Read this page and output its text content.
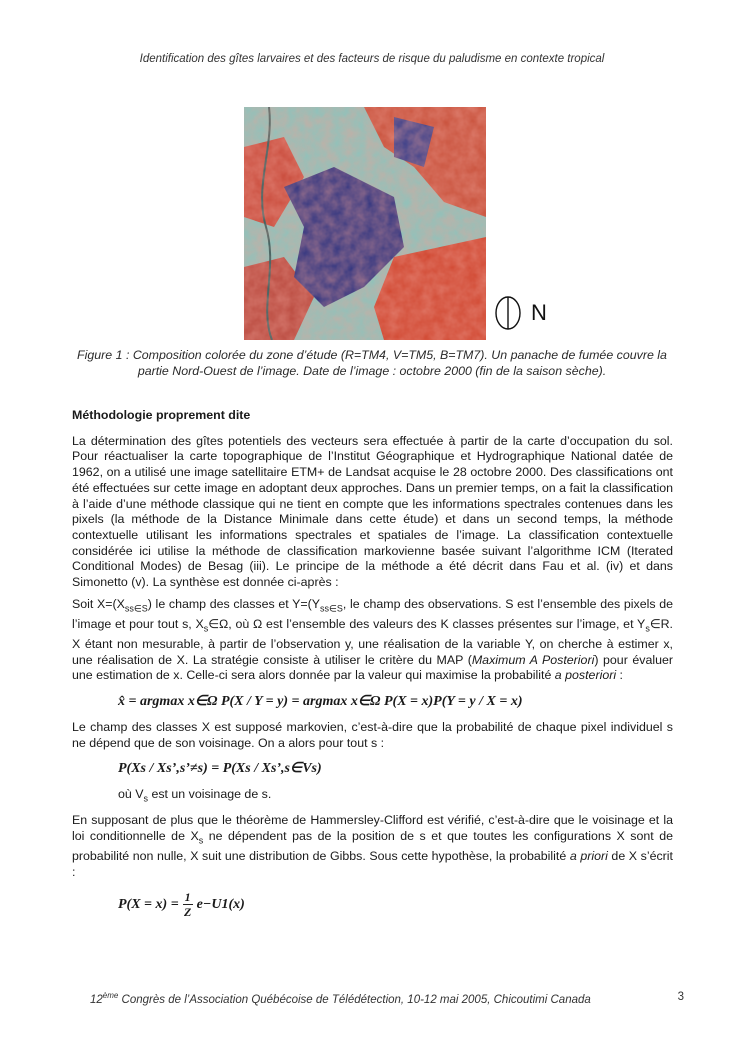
Identification des gîtes larvaires et des facteurs de risque du paludisme en contexte tropical
N
Figure 1 : Composition colorée du zone d’étude (R=TM4, V=TM5, B=TM7). Un panache de fumée couvre la partie Nord-Ouest de l’image. Date de l’image : octobre 2000 (fin de la saison sèche).
Méthodologie proprement dite

La détermination des gîtes potentiels des vecteurs sera effectuée à partir de la carte d’occupation du sol. Pour réactualiser la carte topographique de l’Institut Géographique et Hydrographique National datée de 1962, on a utilisé une image satellitaire ETM+ de Landsat acquise le 28 octobre 2000. Des classifications ont été effectuées sur cette image en adoptant deux approches. Dans un premier temps, on a fait la classification à l’aide d’une méthode classique qui ne tient en compte que les informations spectrales contenues dans les pixels (la méthode de la Distance Minimale dans cette étude) et dans un second temps, la méthode contextuelle utilisant les informations spectrales et spatiales de l’image. La classification contextuelle considérée ici utilise la méthode de classification markovienne basée suivant l’algorithme ICM (Iterated Conditional Modes) de Besag (iii). Le principe de la méthode a été décrit dans Fau et al. (iv) et dans Simonetto (v). La synthèse est donnée ci-après :

Soit $X=(X_{ss\in S})$ le champ des classes et $Y=(Y_{ss\in S}$, le champ des observations. S est l’ensemble des pixels de l’image et pour tout s, $X_s\in\Omega$, où Ω est l’ensemble des valeurs des K classes présentes sur l’image, et $Y_s\in R$. X étant non mesurable, à partir de l’observation y, une réalisation de la variable Y, on cherche à estimer x, une réalisation de X. La stratégie consiste à utiliser le critère du MAP (Maximum A Posteriori) pour évaluer une estimation de x. Celle-ci sera alors donnée par la valeur qui maximise la probabilité a posteriori :

x̂ = argmax x∈Ω P(X / Y = y) = argmax x∈Ω P(X = x)P(Y = y / X = x)

Le champ des classes X est supposé markovien, c’est-à-dire que la probabilité de chaque pixel individuel s ne dépend que de son voisinage. On a alors pour tout s :

P(Xs / Xs’,s’≠s) = P(Xs / Xs’,s∈Vs)

où $V_s$ est un voisinage de s.

En supposant de plus que le théorème de Hammersley-Clifford est vérifié, c’est-à-dire que le voisinage et la loi conditionnelle de $X_s$ ne dépendent pas de la position de s et que toutes les configurations X sont de probabilité non nulle, X suit une distribution de Gibbs. Sous cette hypothèse, la probabilité a priori de X s’écrit :

$P(X = x) = \frac{1}{Z} e-U1(x)$
12ème Congrès de l’Association Québécoise de Télédétection, 10-12 mai 2005, Chicoutimi Canada	3
